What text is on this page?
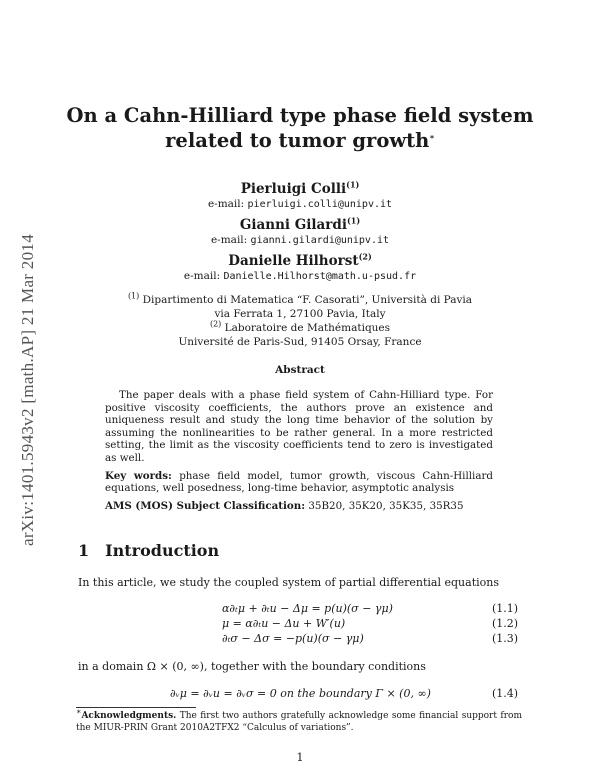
arXiv:1401.5943v2 [math.AP] 21 Mar 2014
On a Cahn-Hilliard type phase field system
related to tumor growth∗
Pierluigi Colli$^{(1)}$
e-mail: pierluigi.colli@unipv.it
Gianni Gilardi$^{(1)}$
e-mail: gianni.gilardi@unipv.it
Danielle Hilhorst$^{(2)}$
e-mail: Danielle.Hilhorst@math.u-psud.fr
$^{(1)}$ Dipartimento di Matematica “F. Casorati”, Università di Pavia
via Ferrata 1, 27100 Pavia, Italy
$^{(2)}$ Laboratoire de Mathématiques
Université de Paris-Sud, 91405 Orsay, France
Abstract

The paper deals with a phase field system of Cahn-Hilliard type. For positive viscosity coefficients, the authors prove an existence and uniqueness result and study the long time behavior of the solution by assuming the nonlinearities to be rather general. In a more restricted setting, the limit as the viscosity coefficients tend to zero is investigated as well.

Key words: phase field model, tumor growth, viscous Cahn-Hilliard equations, well posedness, long-time behavior, asymptotic analysis

AMS (MOS) Subject Classification: 35B20, 35K20, 35K35, 35R35

1 Introduction
In this article, we study the coupled system of partial differential equations
α∂ₜμ + ∂ₜu − Δμ = p(u)(σ − γμ)	(1.1)
μ = α∂ₜu − Δu + W′(u)	(1.2)
∂ₜσ − Δσ = −p(u)(σ − γμ)	(1.3)
in a domain Ω × (0, ∞), together with the boundary conditions
∂ᵥμ = ∂ᵥu = ∂ᵥσ = 0 on the boundary Γ × (0, ∞)	(1.4)
∗Acknowledgments. The first two authors gratefully acknowledge some financial support from the MIUR-PRIN Grant 2010A2TFX2 “Calculus of variations”.
1
